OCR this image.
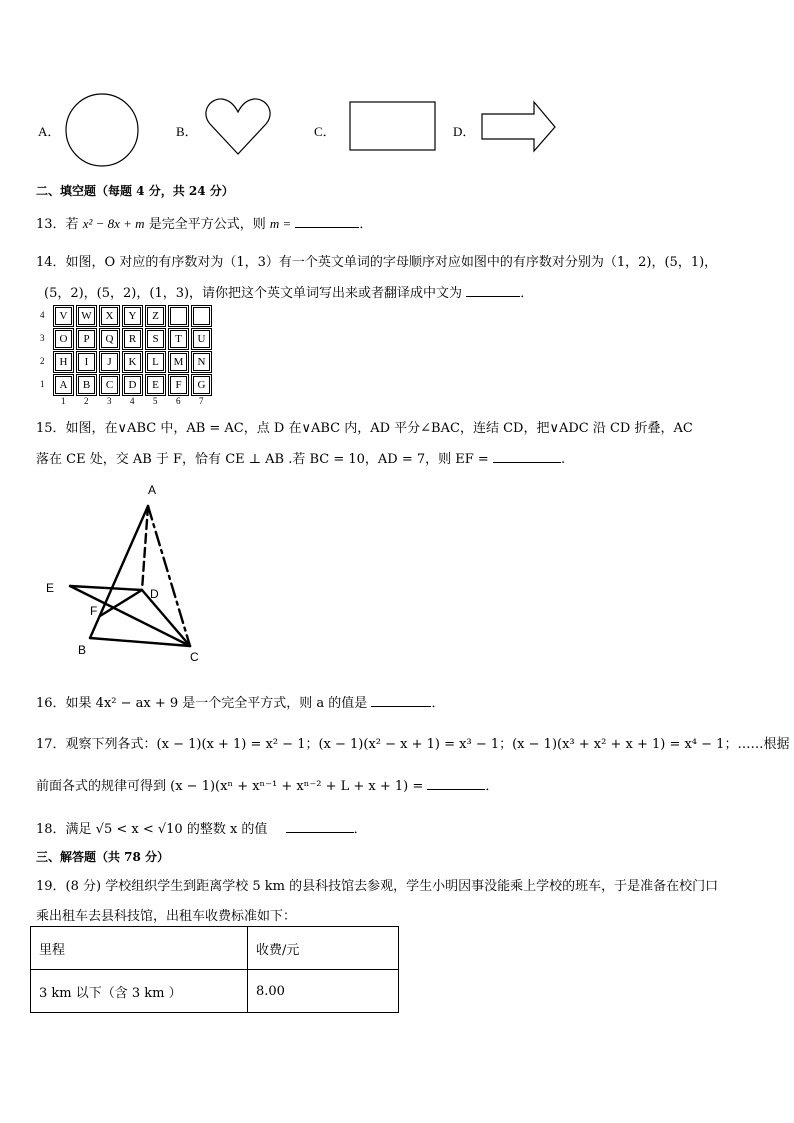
A．	B．	C．	D．
二、填空题（每题 4 分，共 24 分）
13．若 x² − 8x + m 是完全平方公式，则 m =	．
14．如图，O 对应的有序数对为（1，3）有一个英文单词的字母顺序对应如图中的有序数对分别为（1，2)，(5，1)，
(5，2)，(5，2)，(1，3)，请你把这个英文单词写出来或者翻译成中文为	．
4
3
2
1
V	W	X	Y	Z
O	P	Q	R	S	T	U
H	I	J	K	L	M	N
A	B	C	D	E	F	G
1 2 3 4 5 6 7
15．如图，在∨ABC 中，AB = AC，点 D 在∨ABC 内，AD 平分∠BAC，连结 CD，把∨ADC 沿 CD 折叠，AC
落在 CE 处，交 AB 于 F，恰有 CE ⊥ AB .若 BC = 10，AD = 7，则 EF =	.
A
D
E
F
B	C
16．如果 4x² − ax + 9 是一个完全平方式，则 a 的值是	．
17．观察下列各式：(x − 1)(x + 1) = x² − 1；(x − 1)(x² − x + 1) = x³ − 1；(x − 1)(x³ + x² + x + 1) = x⁴ − 1；……根据
前面各式的规律可得到 (x − 1)(xⁿ + xⁿ⁻¹ + xⁿ⁻² + L + x + 1) =	．
18．满足 √5 < x < √10 的整数 x 的值	．
三、解答题（共 78 分）
19．(8 分) 学校组织学生到距离学校 5 km 的县科技馆去参观，学生小明因事没能乘上学校的班车，于是准备在校门口
乘出租车去县科技馆，出租车收费标准如下：
里程	收费/元
3 km 以下（含 3 km ）	8.00
